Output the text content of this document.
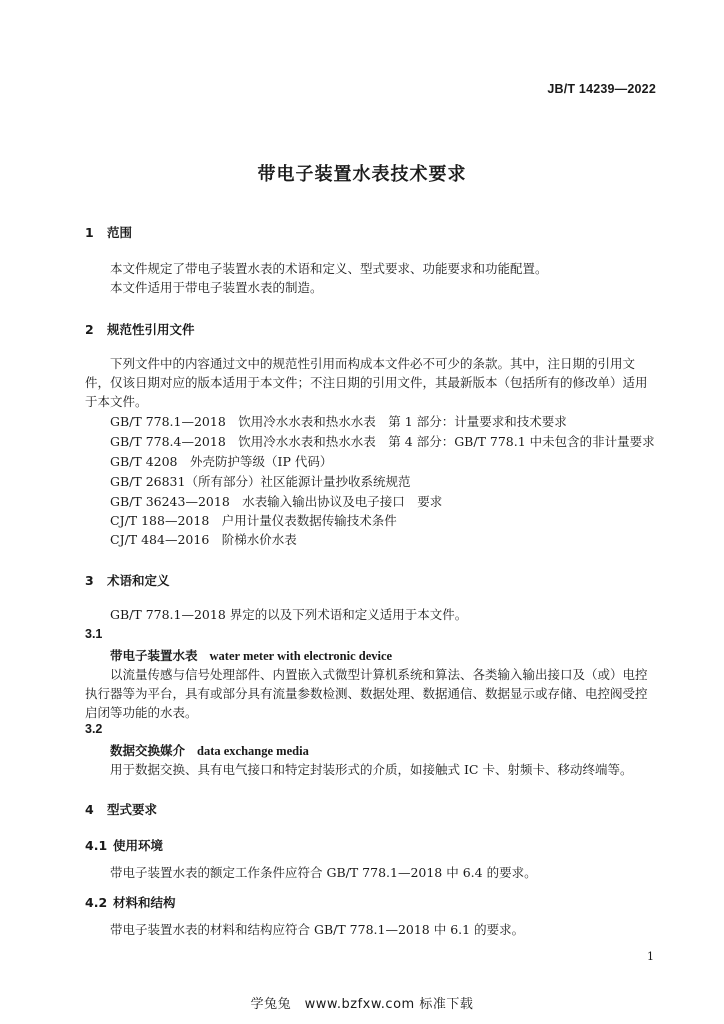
JB/T 14239—2022
带电子装置水表技术要求
1 范围
本文件规定了带电子装置水表的术语和定义、型式要求、功能要求和功能配置。
本文件适用于带电子装置水表的制造。
2 规范性引用文件
下列文件中的内容通过文中的规范性引用而构成本文件必不可少的条款。其中，注日期的引用文件，仅该日期对应的版本适用于本文件；不注日期的引用文件，其最新版本（包括所有的修改单）适用于本文件。
GB/T 778.1—2018　饮用冷水水表和热水水表　第 1 部分：计量要求和技术要求
GB/T 778.4—2018　饮用冷水水表和热水水表　第 4 部分：GB/T 778.1 中未包含的非计量要求
GB/T 4208　外壳防护等级（IP 代码）
GB/T 26831（所有部分）社区能源计量抄收系统规范
GB/T 36243—2018　水表输入输出协议及电子接口　要求
CJ/T 188—2018　户用计量仪表数据传输技术条件
CJ/T 484—2016　阶梯水价水表
3 术语和定义
GB/T 778.1—2018 界定的以及下列术语和定义适用于本文件。
3.1
带电子装置水表 water meter with electronic device
以流量传感与信号处理部件、内置嵌入式微型计算机系统和算法、各类输入输出接口及（或）电控执行器等为平台，具有或部分具有流量参数检测、数据处理、数据通信、数据显示或存储、电控阀受控启闭等功能的水表。
3.2
数据交换媒介 data exchange media
用于数据交换、具有电气接口和特定封装形式的介质，如接触式 IC 卡、射频卡、移动终端等。
4 型式要求
4.1 使用环境
带电子装置水表的额定工作条件应符合 GB/T 778.1—2018 中 6.4 的要求。
4.2 材料和结构
带电子装置水表的材料和结构应符合 GB/T 778.1—2018 中 6.1 的要求。
1
学兔兔　www.bzfxw.com 标准下载
